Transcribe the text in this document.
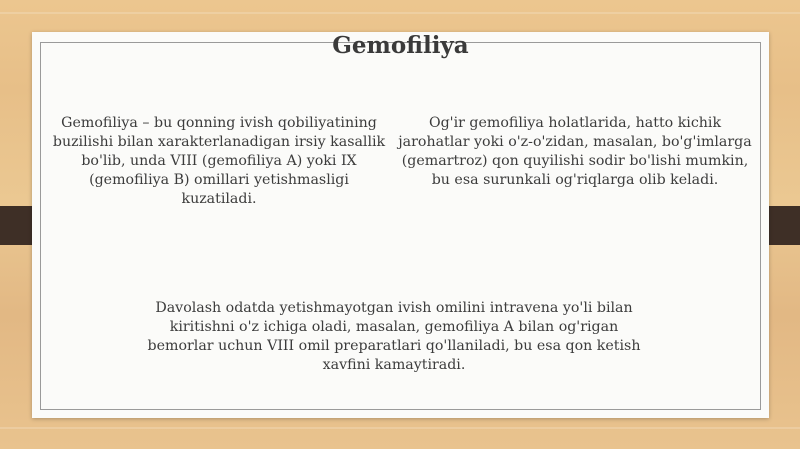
Gemofiliya
Gemofiliya – bu qonning ivish qobiliyatining buzilishi bilan xarakterlanadigan irsiy kasallik bo'lib, unda VIII (gemofiliya A) yoki IX (gemofiliya B) omillari yetishmasligi kuzatiladi.
Og'ir gemofiliya holatlarida, hatto kichik jarohatlar yoki o'z-o'zidan, masalan, bo'g'imlarga (gemartroz) qon quyilishi sodir bo'lishi mumkin, bu esa surunkali og'riqlarga olib keladi.
Davolash odatda yetishmayotgan ivish omilini intravena yo'li bilan kiritishni o'z ichiga oladi, masalan, gemofiliya A bilan og'rigan bemorlar uchun VIII omil preparatlari qo'llaniladi, bu esa qon ketish xavfini kamaytiradi.
